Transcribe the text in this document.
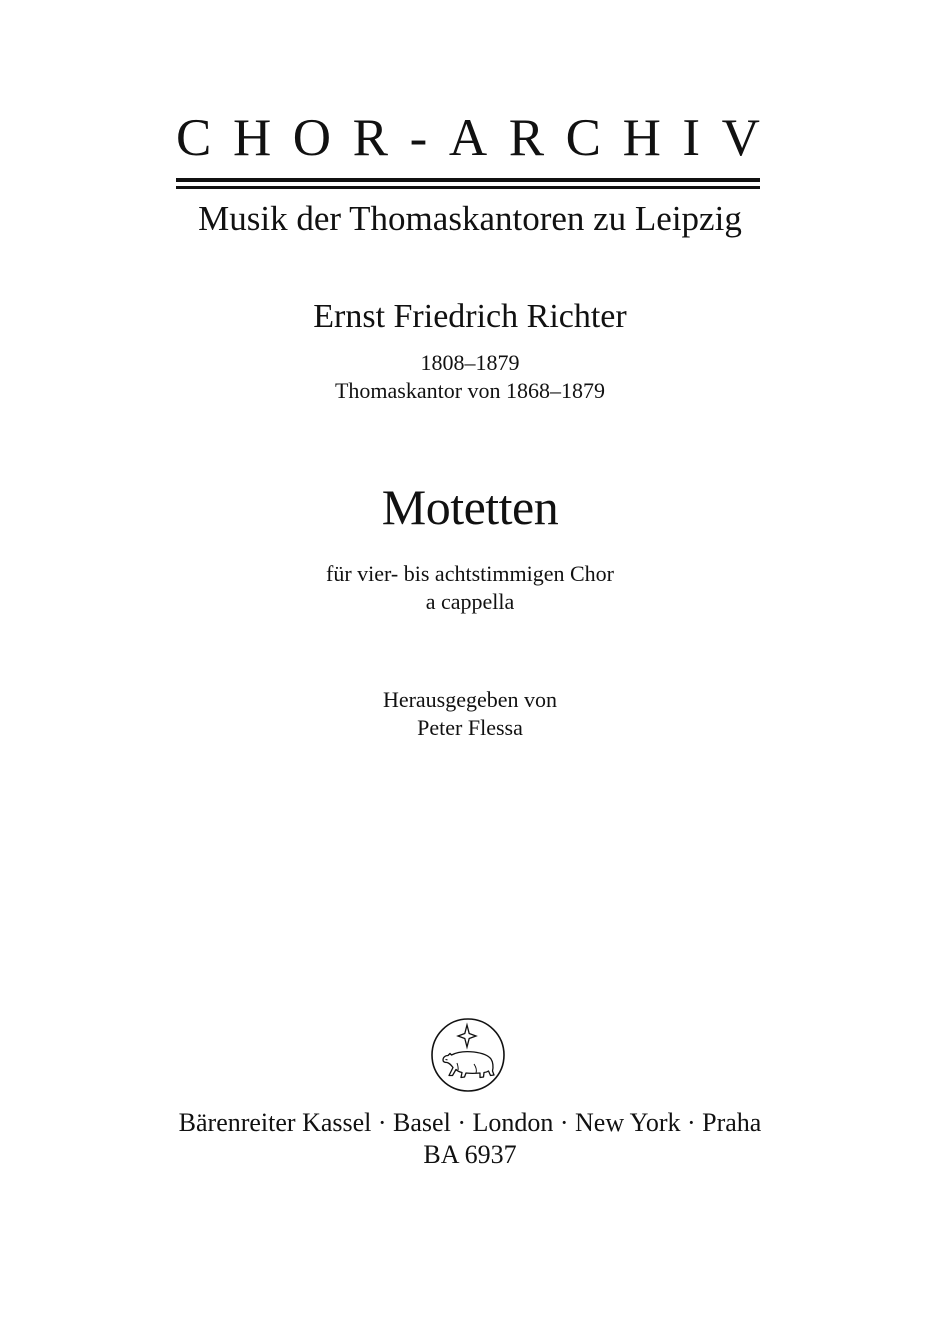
C H O R - A R C H I V
Musik der Thomaskantoren zu Leipzig
Ernst Friedrich Richter
1808–1879
Thomaskantor von 1868–1879
Motetten
für vier- bis achtstimmigen Chor
a cappella
Herausgegeben von
Peter Flessa
Bärenreiter Kassel · Basel · London · New York · Praha
BA 6937
